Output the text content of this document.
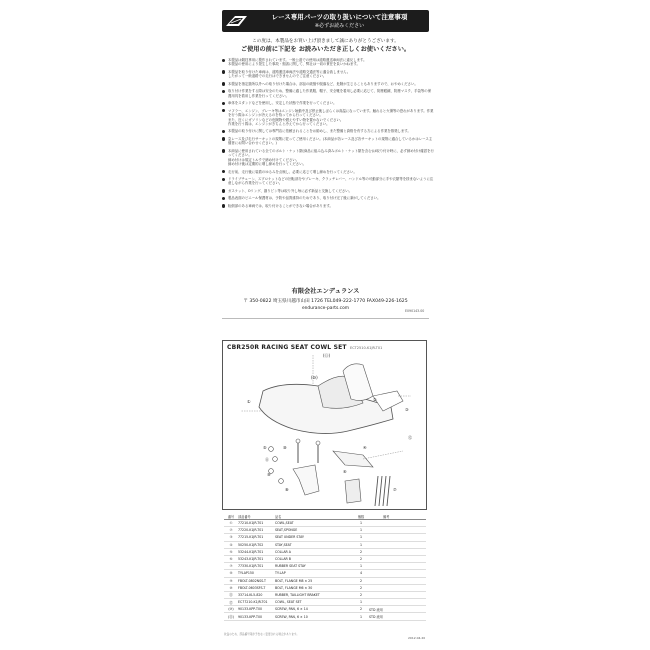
レース専用パーツの取り扱いについて注意事項
※必ずお読みください
この度は、本製品をお買い上げ頂きまして誠にありがとうございます。
ご使用の前に下記を お読みいただき正しくお使いください。
本製品は競技専用に製作されています。一般公道での使用は道路運送車両法に違反します。
本製品の使用により発生した事故・損害に関して、弊社は一切の責任を負いかねます。
本製品を取り付けた車両は、道路運送車両法や道路交通法等に適合致しません。
したがって一般道路での走行はできませんのでご注意ください。
本製品を指定箇所以外への取り付けた場合は、部品の破損や脱落など、危険が生じることもありますので、おやめください。
取り付け作業をする際は安全のため、整備に適した作業服、帽子、安全靴を着用し必要に応じて、防塵眼鏡、防塵マスク、手袋等の保護用具を着用し作業を行ってください。
車体をスタンドなどを使用し、安定した状態で作業を行ってください。
マフラー、エンジン、ブレーキ等はエンジン始動中及び停止後しばらくは高温になっています。触れると火傷等の恐れがあります。作業を行う際はエンジンが冷えるのを待ってから行ってください。
また、近くにガソリンなどの危険物や燃えやすい物を置かないでください。
作業を行う際は、エンジンがきちんと冷えてから行ってください。
本製品の取り付けに関しては専門店に依頼されることをお勧めし、また整備と資格を有する方による作業を推奨します。
急レース及び走行サーキットの規則に従ってご使用ください。(本商品が各レース及び各サーキットの規則に適合しているかはレース主催者にお問い合わせください。)
本商品に使用されている全てのボルト・ナット類(商品に組み込み済みボルト・ナット類を含む)は取り付け時に、必ず締め付け確認を行ってください。
締め付けは規定トルクで締め付けてください。
締め付け後は定期的に増し締めを行ってください。
走行前、走行後に装着のゆるみを点検し、必要に応じて増し締めを行ってください。
ドライブチェーン、スプロケットなどの回転部分やブレーキ、クラッチレバー、ハンドル等の可動部分に手や衣類等を挟まないように注意しながら作業を行ってください。
ガスケット、Oリング、割りピン等は取り外し毎に必ず新品と交換してください。
製品表面のビニール保護材は、予防や品質維持のためであり、取り付け完了後に剥がしてください。
転倒部のある車両では、取り付けることができない場合があります。
有限会社エンデュランス
〒 350-0822 埼玉県川越市山田 1726 TEL049-222-1770 FAX049-226-1625
endurance-parts.com	E090143.00
CBR250R RACING SEAT COWL SET ECT2510-K1JR-T01
(⑪)
(⑩)
①
⑤	⑩
⑪
⑨
⑧
②
③
④
⑥
⑦
⑫
番号	部品番号	品名	個数		備考
①	77210-K1JR-T01	COWL,SEAT	1		
②	77220-K1JR-T01	SEAT,SPONGE	1		
③	77215-K1JR-T01	SEAT UNDER STAY	1		
④	50250-K1JR-T02	STAY,SEAT	1		
⑤	53244-K1JR-T01	COLLAR A	2		
⑥	53243-K1JR-T01	COLLAR B	2		
⑦	77330-K1JR-T01	RUBBER SEAT STAY	1		
⑧	TYLAP150	TY-LAP	4		
⑨	FBOLT-0802NSS-T	BOLT, FLANGE M8 × 25	2		
⑩	FBOLT-0603SFS-T	BOLT, FLANGE M6 × 30	2		
⑪	33714-KL5-820	RUBBER, TAILLIGHT BRAKET	2		
⑫	EC77210-K1JR-T01	COWL, SEAT SET	1		
(⑩)	90133-KPP-T00	SCREW, PAN, 6 × 14	2	STD 流用	
(⑪)	90133-KPP-T00	SCREW, PAN, 6 × 10	1	STD 流用	
改良のため、部品番号等が予告なく変更される場合があります。
2012.04.20
